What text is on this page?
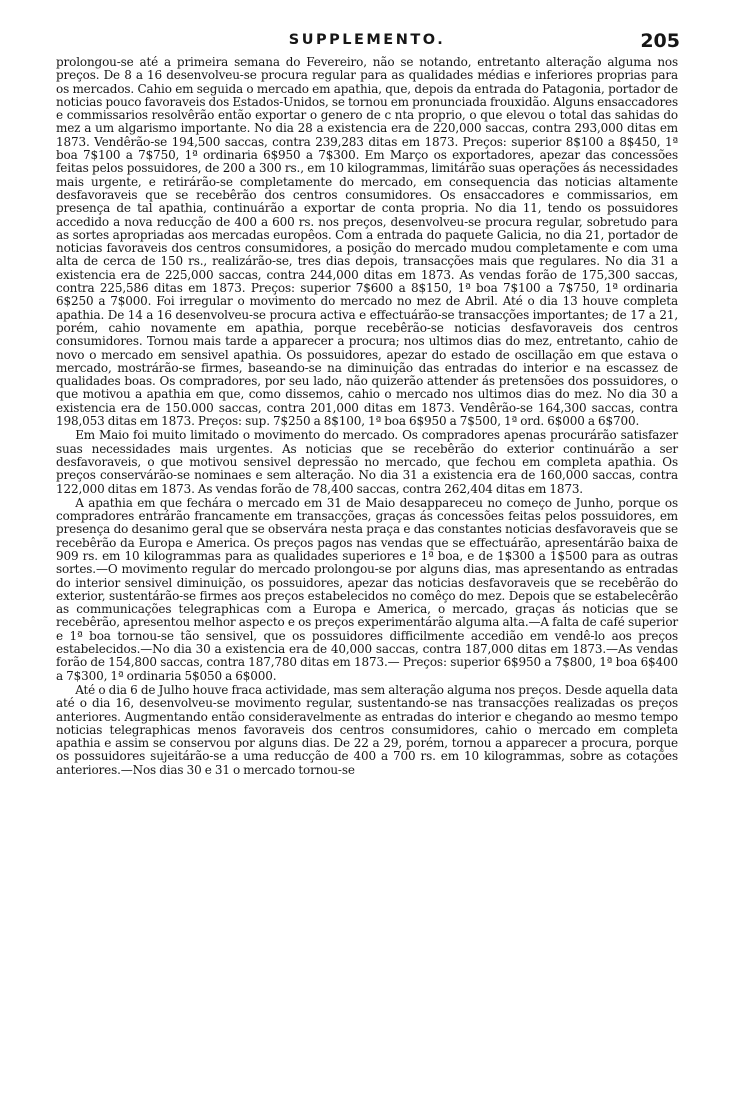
SUPPLEMENTO.	205

prolongou-se até a primeira semana do Fevereiro, não se notando, entretanto alteração alguma nos preços. De 8 a 16 desenvolveu-se procura regular para as qualidades médias e inferiores proprias para os mercados. Cahio em seguida o mercado em apathia, que, depois da entrada do Patagonia, portador de noticias pouco favoraveis dos Estados-Unidos, se tornou em pronunciada frouxidão. Alguns ensaccadores e commissarios resolvêrão então exportar o genero de c nta proprio, o que elevou o total das sahidas do mez a um algarismo importante. No dia 28 a existencia era de 220,000 saccas, contra 293,000 ditas em 1873. Vendêrão-se 194,500 saccas, contra 239,283 ditas em 1873. Preços: superior 8$100 a 8$450, 1ª boa 7$100 a 7$750, 1ª ordinaria 6$950 a 7$300. Em Março os exportadores, apezar das concessões feitas pelos possuidores, de 200 a 300 rs., em 10 kilogrammas, limitárão suas operações ás necessidades mais urgente, e retirárão-se completamente do mercado, em consequencia das noticias altamente desfavoraveis que se recebêrão dos centros consumidores. Os ensaccadores e commissarios, em presença de tal apathia, continuárão a exportar de conta propria. No dia 11, tendo os possuidores accedido a nova reducção de 400 a 600 rs. nos preços, desenvolveu-se procura regular, sobretudo para as sortes apropriadas aos mercadas europêos. Com a entrada do paquete Galicia, no dia 21, portador de noticias favoraveis dos centros consumidores, a posição do mercado mudou completamente e com uma alta de cerca de 150 rs., realizárão-se, tres dias depois, transacções mais que regulares. No dia 31 a existencia era de 225,000 saccas, contra 244,000 ditas em 1873. As vendas forão de 175,300 saccas, contra 225,586 ditas em 1873. Preços: superior 7$600 a 8$150, 1ª boa 7$100 a 7$750, 1ª ordinaria 6$250 a 7$000. Foi irregular o movimento do mercado no mez de Abril. Até o dia 13 houve completa apathia. De 14 a 16 desenvolveu-se procura activa e effectuárão-se transacções importantes; de 17 a 21, porém, cahio novamente em apathia, porque recebêrão-se noticias desfavoraveis dos centros consumidores. Tornou mais tarde a apparecer a procura; nos ultimos dias do mez, entretanto, cahio de novo o mercado em sensivel apathia. Os possuidores, apezar do estado de oscillação em que estava o mercado, mostrárão-se firmes, baseando-se na diminuição das entradas do interior e na escassez de qualidades boas. Os compradores, por seu lado, não quizerão attender ás pretensões dos possuidores, o que motivou a apathia em que, como dissemos, cahio o mercado nos ultimos dias do mez. No dia 30 a existencia era de 150.000 saccas, contra 201,000 ditas em 1873. Vendêrão-se 164,300 saccas, contra 198,053 ditas em 1873. Preços: sup. 7$250 a 8$100, 1ª boa 6$950 a 7$500, 1ª ord. 6$000 a 6$700.

Em Maio foi muito limitado o movimento do mercado. Os compradores apenas procurárão satisfazer suas necessidades mais urgentes. As noticias que se recebêrão do exterior continuárão a ser desfavoraveis, o que motivou sensivel depressão no mercado, que fechou em completa apathia. Os preços conservárão-se nominaes e sem alteração. No dia 31 a existencia era de 160,000 saccas, contra 122,000 ditas em 1873. As vendas forão de 78,400 saccas, contra 262,404 ditas em 1873.

A apathia em que fechára o mercado em 31 de Maio desappareceu no começo de Junho, porque os compradores entrárão francamente em transacções, graças ás concessões feitas pelos possuidores, em presença do desanimo geral que se observára nesta praça e das constantes noticias desfavoraveis que se recebêrão da Europa e America. Os preços pagos nas vendas que se effectuárão, apresentárão baixa de 909 rs. em 10 kilogrammas para as qualidades superiores e 1ª boa, e de 1$300 a 1$500 para as outras sortes.—O movimento regular do mercado prolongou-se por alguns dias, mas apresentando as entradas do interior sensivel diminuição, os possuidores, apezar das noticias desfavoraveis que se recebêrão do exterior, sustentárão-se firmes aos preços estabelecidos no comêço do mez. Depois que se estabelecêrão as communicações telegraphicas com a Europa e America, o mercado, graças ás noticias que se recebêrão, apresentou melhor aspecto e os preços experimentárão alguma alta.—A falta de café superior e 1ª boa tornou-se tão sensivel, que os possuidores difficilmente accedião em vendê-lo aos preços estabelecidos.—No dia 30 a existencia era de 40,000 saccas, contra 187,000 ditas em 1873.—As vendas forão de 154,800 saccas, contra 187,780 ditas em 1873.— Preços: superior 6$950 a 7$800, 1ª boa 6$400 a 7$300, 1ª ordinaria 5$050 a 6$000.

Até o dia 6 de Julho houve fraca actividade, mas sem alteração alguma nos preços. Desde aquella data até o dia 16, desenvolveu-se movimento regular, sustentando-se nas transacções realizadas os preços anteriores. Augmentando então consideravelmente as entradas do interior e chegando ao mesmo tempo noticias telegraphicas menos favoraveis dos centros consumidores, cahio o mercado em completa apathia e assim se conservou por alguns dias. De 22 a 29, porém, tornou a apparecer a procura, porque os possuidores sujeitárão-se a uma reducção de 400 a 700 rs. em 10 kilogrammas, sobre as cotações anteriores.—Nos dias 30 e 31 o mercado tornou-se
